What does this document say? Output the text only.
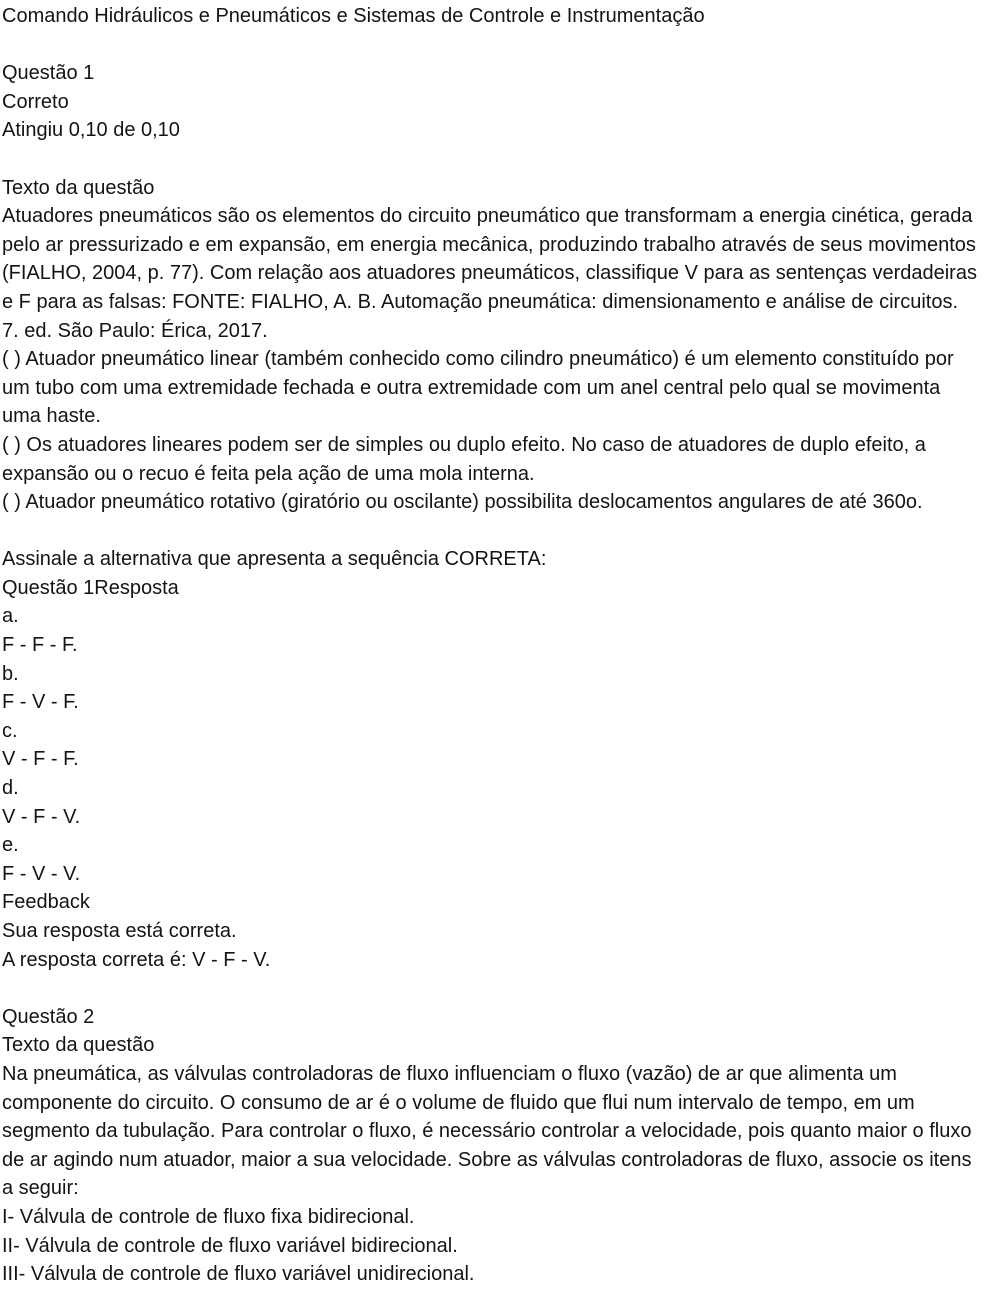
Comando Hidráulicos e Pneumáticos e Sistemas de Controle e Instrumentação
Questão 1
Correto
Atingiu 0,10 de 0,10
Texto da questão
Atuadores pneumáticos são os elementos do circuito pneumático que transformam a energia cinética, gerada pelo ar pressurizado e em expansão, em energia mecânica, produzindo trabalho através de seus movimentos (FIALHO, 2004, p. 77). Com relação aos atuadores pneumáticos, classifique V para as sentenças verdadeiras e F para as falsas: FONTE: FIALHO, A. B. Automação pneumática: dimensionamento e análise de circuitos. 7. ed. São Paulo: Érica, 2017.
( ) Atuador pneumático linear (também conhecido como cilindro pneumático) é um elemento constituído por um tubo com uma extremidade fechada e outra extremidade com um anel central pelo qual se movimenta uma haste.
( ) Os atuadores lineares podem ser de simples ou duplo efeito. No caso de atuadores de duplo efeito, a expansão ou o recuo é feita pela ação de uma mola interna.
( ) Atuador pneumático rotativo (giratório ou oscilante) possibilita deslocamentos angulares de até 360o.
Assinale a alternativa que apresenta a sequência CORRETA:
Questão 1Resposta
a.
F - F - F.
b.
F - V - F.
c.
V - F - F.
d.
V - F - V.
e.
F - V - V.
Feedback
Sua resposta está correta.
A resposta correta é: V - F - V.
Questão 2
Texto da questão
Na pneumática, as válvulas controladoras de fluxo influenciam o fluxo (vazão) de ar que alimenta um componente do circuito. O consumo de ar é o volume de fluido que flui num intervalo de tempo, em um segmento da tubulação. Para controlar o fluxo, é necessário controlar a velocidade, pois quanto maior o fluxo de ar agindo num atuador, maior a sua velocidade. Sobre as válvulas controladoras de fluxo, associe os itens a seguir:
I- Válvula de controle de fluxo fixa bidirecional.
II- Válvula de controle de fluxo variável bidirecional.
III- Válvula de controle de fluxo variável unidirecional.
